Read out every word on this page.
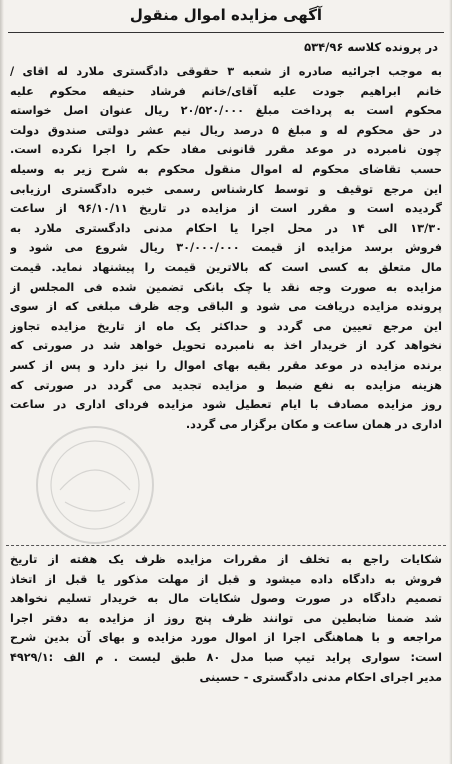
آگهی مزایده اموال منقول
در پرونده کلاسه ۵۳۴/۹۶
به موجب اجرائیه صادره از شعبه ۳ حقوقی دادگستری ملارد له اقای /
خانم ابراهیم جودت علیه آقای/خانم فرشاد حنیفه محکوم علیه
محکوم است به پرداخت مبلغ ۲۰/۵۲۰/۰۰۰ ریال عنوان اصل خواسته
در حق محکوم له و مبلغ ۵ درصد ریال نیم عشر دولتی صندوق دولت
چون نامبرده در موعد مقرر قانونی مفاد حکم را اجرا نکرده است.
حسب تقاضای محکوم له اموال منقول محکوم به شرح زیر به وسیله
این مرجع توقیف و توسط کارشناس رسمی خبره دادگستری ارزیابی
گردیده است و مقرر است از مزایده در تاریخ ۹۶/۱۰/۱۱ از ساعت
۱۳/۳۰ الی ۱۴ در محل اجرا یا احکام مدنی دادگستری ملارد به
فروش برسد مزایده از قیمت ۳۰/۰۰۰/۰۰۰ ریال شروع می شود و
مال متعلق به کسی است که بالاترین قیمت را پیشنهاد نماید. قیمت
مزایده به صورت وجه نقد یا چک بانکی تضمین شده فی المجلس از
پرونده مزایده دریافت می شود و الباقی وجه ظرف مبلغی که از سوی
این مرجع تعیین می گردد و حداکثر یک ماه از تاریخ مزایده تجاوز
نخواهد کرد از خریدار اخذ به نامبرده تحویل خواهد شد در صورتی که
برنده مزایده در موعد مقرر بقیه بهای اموال را نیز دارد و پس از کسر
هزینه مزایده به نفع ضبط و مزایده تجدید می گردد در صورتی که
روز مزایده مصادف با ایام تعطیل شود مزایده فردای اداری در ساعت
اداری در همان ساعت و مکان برگزار می گردد.
شکایات راجع به تخلف از مقررات مزایده ظرف یک هفته از تاریخ
فروش به دادگاه داده میشود و قبل از مهلت مذکور یا قبل از اتخاذ
تصمیم دادگاه در صورت وصول شکایات مال به خریدار تسلیم نخواهد
شد ضمنا ضابطین می توانند ظرف پنج روز از مزایده به دفتر اجرا
مراجعه و با هماهنگی اجرا از اموال مورد مزایده و بهای آن بدین شرح
است: سواری پراید تیپ صبا مدل ۸۰ طبق لیست . م الف :۴۹۲۹/۱
مدیر اجرای احکام مدنی دادگستری - حسینی
